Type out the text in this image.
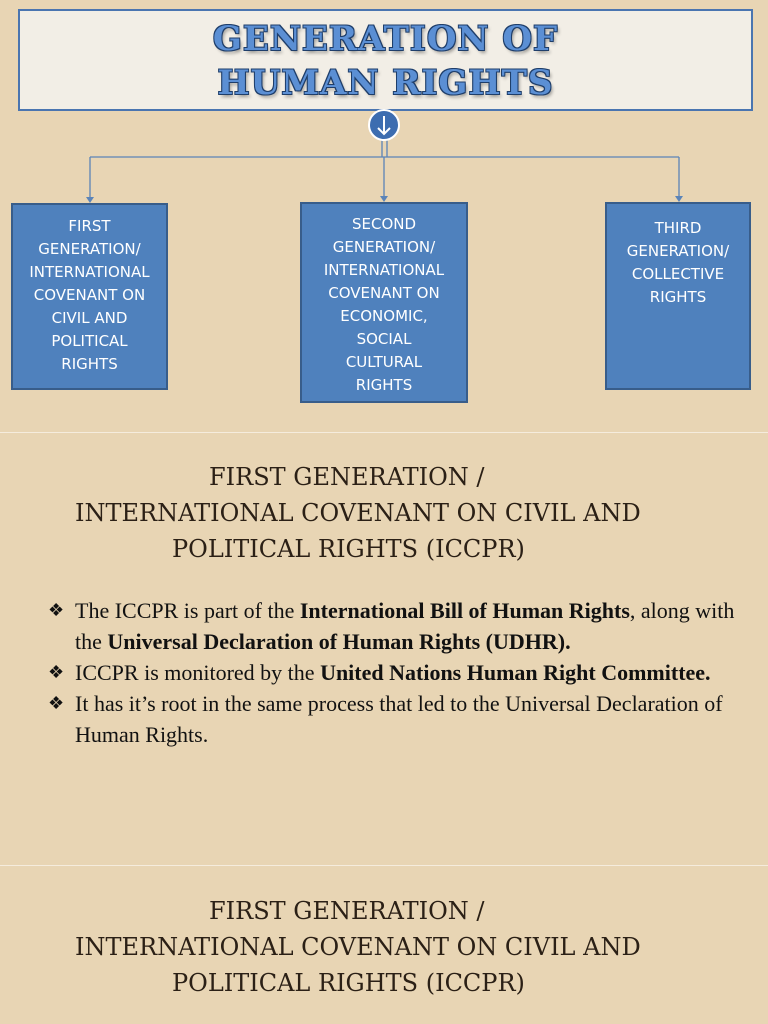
GENERATION OF
HUMAN RIGHTS
FIRST
GENERATION/
INTERNATIONAL
COVENANT ON
CIVIL AND
POLITICAL
RIGHTS
SECOND
GENERATION/
INTERNATIONAL
COVENANT ON
ECONOMIC,
SOCIAL
CULTURAL
RIGHTS
THIRD
GENERATION/
COLLECTIVE
RIGHTS
FIRST GENERATION /
INTERNATIONAL COVENANT ON CIVIL AND
POLITICAL RIGHTS (ICCPR)
❖ The ICCPR is part of the International Bill of Human Rights, along with the Universal Declaration of Human Rights (UDHR).
❖ ICCPR is monitored by the United Nations Human Right Committee.
❖ It has it’s root in the same process that led to the Universal Declaration of Human Rights.
FIRST GENERATION /
INTERNATIONAL COVENANT ON CIVIL AND
POLITICAL RIGHTS (ICCPR)
